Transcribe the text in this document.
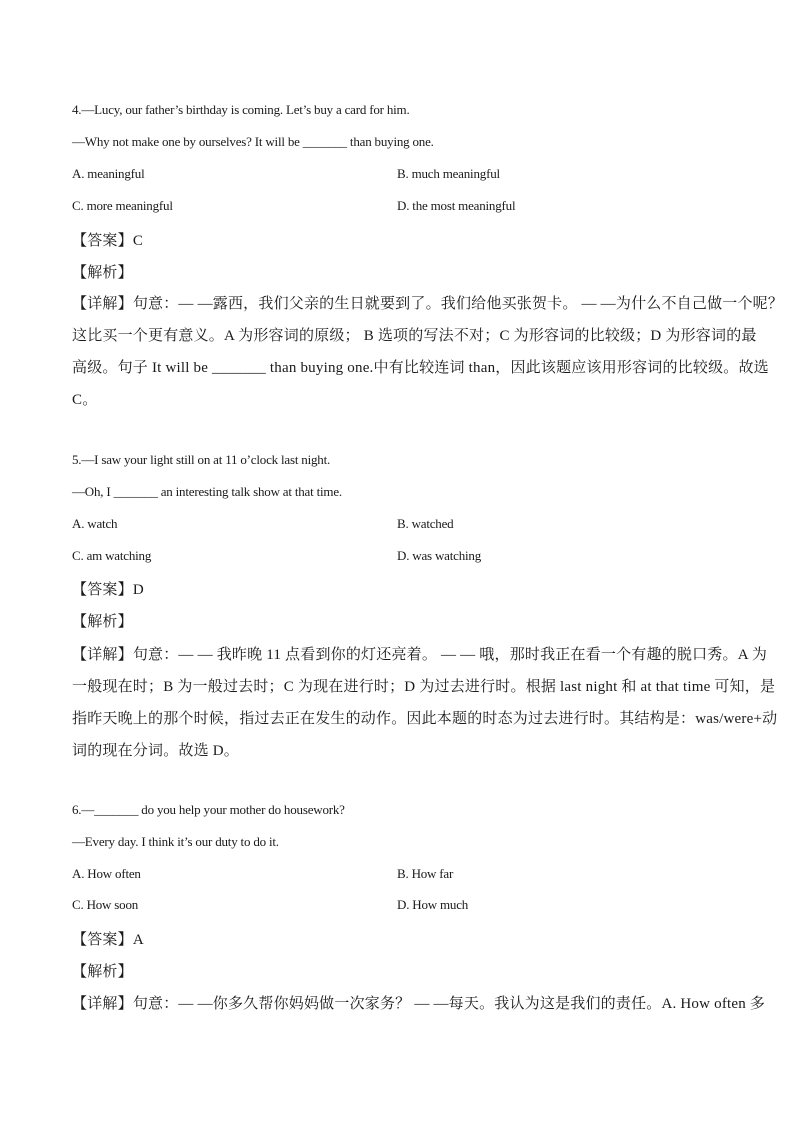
4.—Lucy, our father’s birthday is coming. Let’s buy a card for him.
—Why not make one by ourselves? It will be _______ than buying one.
A. meaningful	B. much meaningful
C. more meaningful	D. the most meaningful
【答案】C
【解析】
【详解】句意：— —露西，我们父亲的生日就要到了。我们给他买张贺卡。 — —为什么不自己做一个呢？
这比买一个更有意义。A 为形容词的原级； B 选项的写法不对；C 为形容词的比较级；D 为形容词的最
高级。句子 It will be _______ than buying one.中有比较连词 than，因此该题应该用形容词的比较级。故选
C。
5.—I saw your light still on at 11 o’clock last night.
—Oh, I _______ an interesting talk show at that time.
A. watch	B. watched
C. am watching	D. was watching
【答案】D
【解析】
【详解】句意：— — 我昨晚 11 点看到你的灯还亮着。 — — 哦，那时我正在看一个有趣的脱口秀。A 为
一般现在时；B 为一般过去时；C 为现在进行时；D 为过去进行时。根据 last night 和 at that time 可知，是
指昨天晚上的那个时候，指过去正在发生的动作。因此本题的时态为过去进行时。其结构是：was/were+动
词的现在分词。故选 D。
6.—_______ do you help your mother do housework?
—Every day. I think it’s our duty to do it.
A. How often	B. How far
C. How soon	D. How much
【答案】A
【解析】
【详解】句意：— —你多久帮你妈妈做一次家务？ — —每天。我认为这是我们的责任。A. How often 多
